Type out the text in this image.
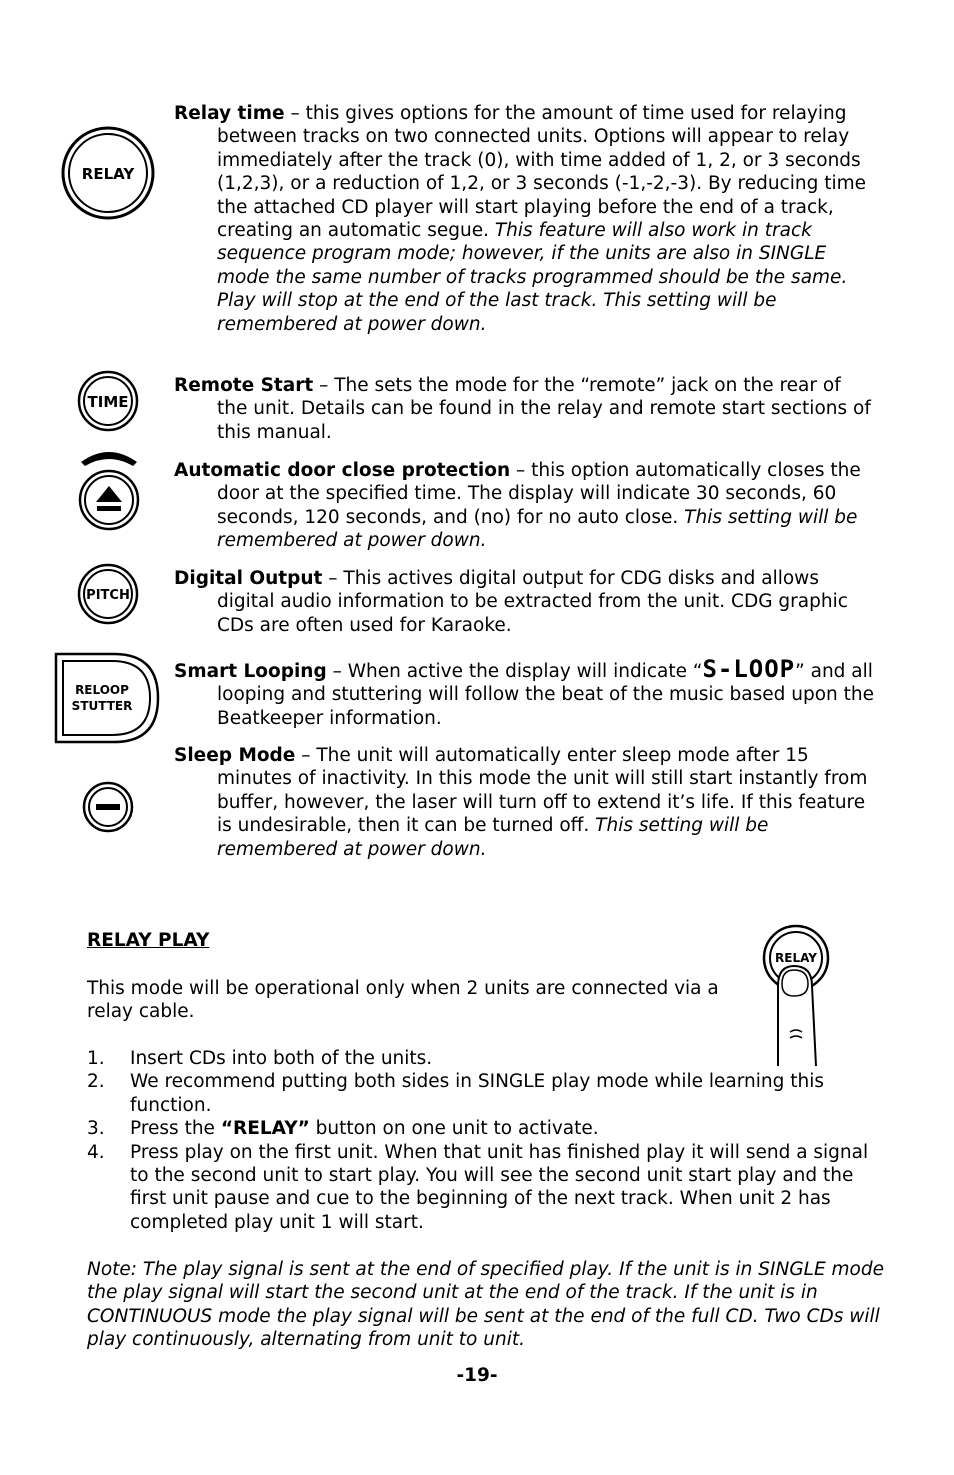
RELAY
TIME
PITCH
RELOOP
STUTTER
RELAY

Relay time – this gives options for the amount of time used for relaying between tracks on two connected units. Options will appear to relay immediately after the track (0), with time added of 1, 2, or 3 seconds (1,2,3), or a reduction of 1,2, or 3 seconds (-1,-2,-3). By reducing time the attached CD player will start playing before the end of a track, creating an automatic segue. This feature will also work in track sequence program mode; however, if the units are also in SINGLE mode the same number of tracks programmed should be the same. Play will stop at the end of the last track. This setting will be remembered at power down.

Remote Start – The sets the mode for the “remote” jack on the rear of the unit. Details can be found in the relay and remote start sections of this manual.

Automatic door close protection – this option automatically closes the door at the specified time. The display will indicate 30 seconds, 60 seconds, 120 seconds, and (no) for no auto close. This setting will be remembered at power down.

Digital Output – This actives digital output for CDG disks and allows digital audio information to be extracted from the unit. CDG graphic CDs are often used for Karaoke.

Smart Looping – When active the display will indicate “S-LOOP” and all looping and stuttering will follow the beat of the music based upon the Beatkeeper information.

Sleep Mode – The unit will automatically enter sleep mode after 15 minutes of inactivity. In this mode the unit will still start instantly from buffer, however, the laser will turn off to extend it’s life. If this feature is undesirable, then it can be turned off. This setting will be remembered at power down.

RELAY PLAY
This mode will be operational only when 2 units are connected via a relay cable.
1. Insert CDs into both of the units.
2. We recommend putting both sides in SINGLE play mode while learning this function.
3. Press the “RELAY” button on one unit to activate.
4. Press play on the first unit. When that unit has finished play it will send a signal to the second unit to start play. You will see the second unit start play and the first unit pause and cue to the beginning of the next track. When unit 2 has completed play unit 1 will start.
Note: The play signal is sent at the end of specified play. If the unit is in SINGLE mode the play signal will start the second unit at the end of the track. If the unit is in CONTINUOUS mode the play signal will be sent at the end of the full CD. Two CDs will play continuously, alternating from unit to unit.
-19-
